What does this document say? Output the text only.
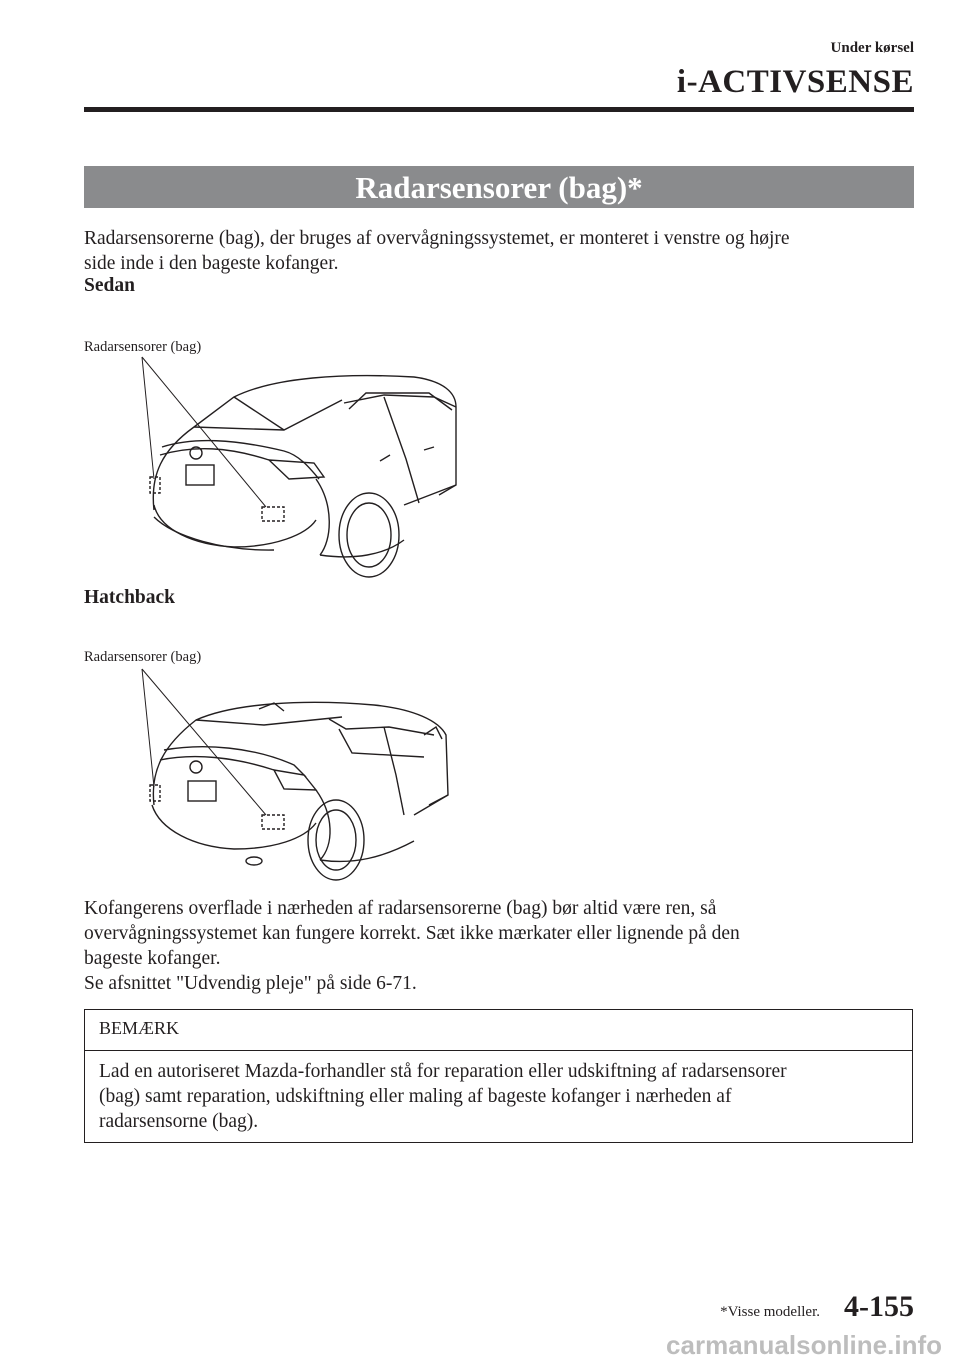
Under kørsel
i-ACTIVSENSE
Radarsensorer (bag)*

Radarsensorerne (bag), der bruges af overvågningssystemet, er monteret i venstre og højre

side inde i den bageste kofanger.

Sedan
Radarsensorer (bag)
Hatchback
Radarsensorer (bag)

Kofangerens overflade i nærheden af radarsensorerne (bag) bør altid være ren, så

overvågningssystemet kan fungere korrekt. Sæt ikke mærkater eller lignende på den

bageste kofanger.

Se afsnittet "Udvendig pleje" på side 6-71.

BEMÆRK
Lad en autoriseret Mazda-forhandler stå for reparation eller udskiftning af radarsensorer
(bag) samt reparation, udskiftning eller maling af bageste kofanger i nærheden af
radarsensorne (bag).
*Visse modeller. 4-155
carmanualsonline.info
